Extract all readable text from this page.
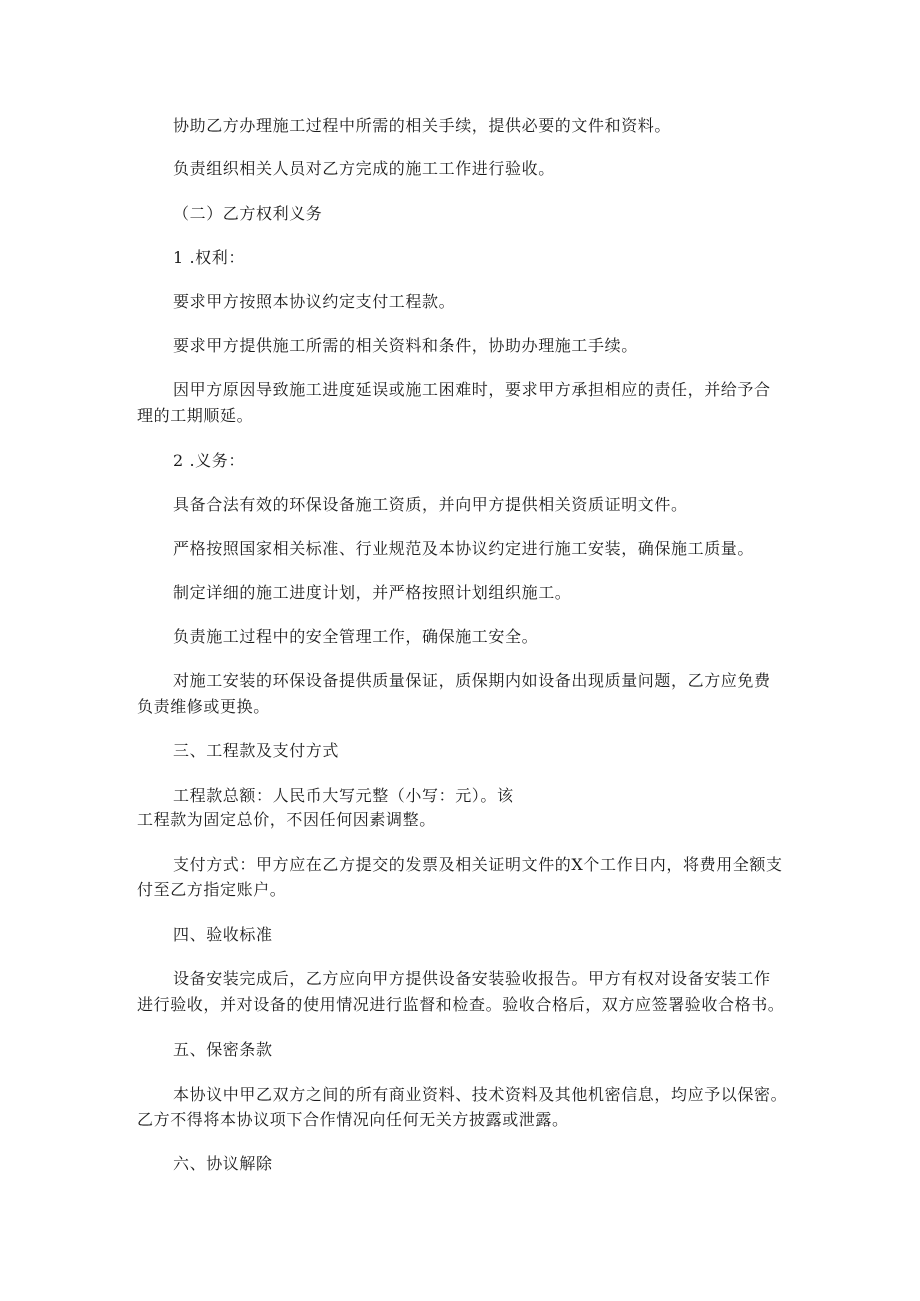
协助乙方办理施工过程中所需的相关手续，提供必要的文件和资料。
负责组织相关人员对乙方完成的施工工作进行验收。
（二）乙方权利义务
1 .权利：
要求甲方按照本协议约定支付工程款。
要求甲方提供施工所需的相关资料和条件，协助办理施工手续。
因甲方原因导致施工进度延误或施工困难时，要求甲方承担相应的责任，并给予合
理的工期顺延。
2 .义务：
具备合法有效的环保设备施工资质，并向甲方提供相关资质证明文件。
严格按照国家相关标准、行业规范及本协议约定进行施工安装，确保施工质量。
制定详细的施工进度计划，并严格按照计划组织施工。
负责施工过程中的安全管理工作，确保施工安全。
对施工安装的环保设备提供质量保证，质保期内如设备出现质量问题，乙方应免费
负责维修或更换。
三、工程款及支付方式
工程款总额：人民币大写元整（小写：元）。该
工程款为固定总价，不因任何因素调整。
支付方式：甲方应在乙方提交的发票及相关证明文件的X个工作日内，将费用全额支
付至乙方指定账户。
四、验收标准
设备安装完成后，乙方应向甲方提供设备安装验收报告。甲方有权对设备安装工作
进行验收，并对设备的使用情况进行监督和检查。验收合格后，双方应签署验收合格书。
五、保密条款
本协议中甲乙双方之间的所有商业资料、技术资料及其他机密信息，均应予以保密。
乙方不得将本协议项下合作情况向任何无关方披露或泄露。
六、协议解除
